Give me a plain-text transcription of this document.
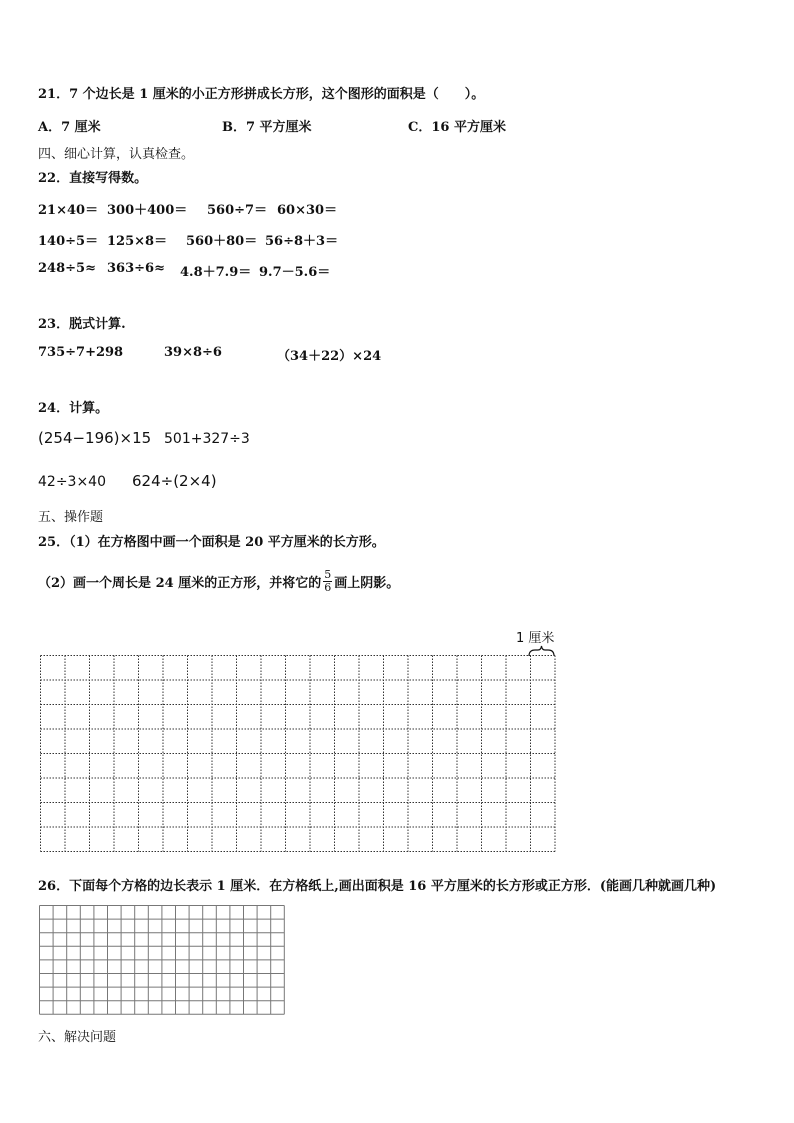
21．7 个边长是 1 厘米的小正方形拼成长方形，这个图形的面积是（　　）。
A．7 厘米	B．7 平方厘米	C．16 平方厘米
四、细心计算，认真检查。
22．直接写得数。
21×40＝ 300＋400＝ 560÷7＝ 60×30＝
140÷5＝ 125×8＝ 560＋80＝ 56÷8＋3＝
248÷5≈ 363÷6≈ 4.8＋7.9＝ 9.7－5.6＝
23．脱式计算.
735÷7+298	39×8÷6	（34＋22）×24
24．计算。
(254−196)×15 501+327÷3
42÷3×40 624÷(2×4)
五、操作题
25．（1）在方格图中画一个面积是 20 平方厘米的长方形。
（2）画一个周长是 24 厘米的正方形，并将它的 $\frac{5}{6}$ 画上阴影。
1 厘米
26．下面每个方格的边长表示 1 厘米．在方格纸上,画出面积是 16 平方厘米的长方形或正方形．(能画几种就画几种)
六、解决问题
